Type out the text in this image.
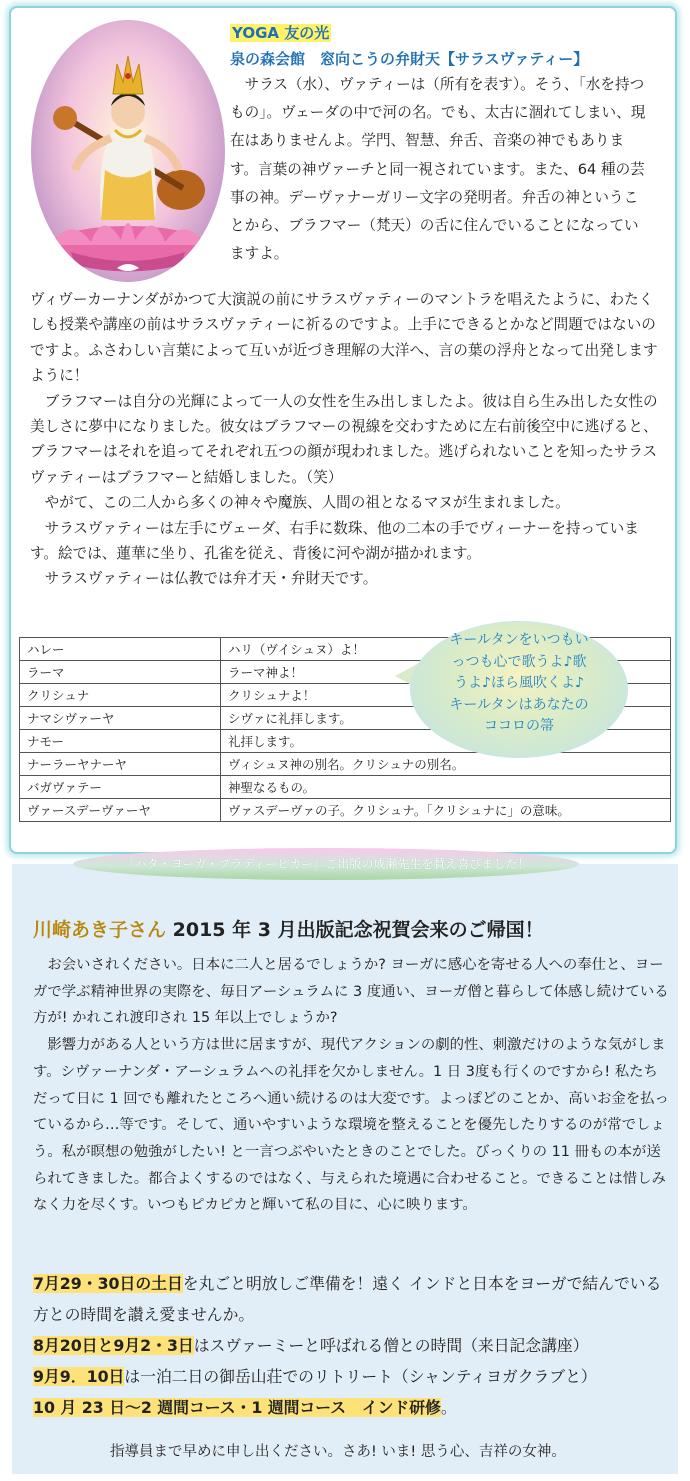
YOGA 友の光
泉の森会館　窓向こうの弁財天【サラスヴァティー】

サラス（水）、ヴァティーは（所有を表す）。そう、「水を持つもの」。ヴェーダの中で河の名。でも、太古に涸れてしまい、現在はありませんよ。学門、智慧、弁舌、音楽の神でもあります。言葉の神ヴァーチと同一視されています。また、64 種の芸事の神。デーヴァナーガリー文字の発明者。弁舌の神ということから、ブラフマー（梵天）の舌に住んでいることになっていますよ。

ヴィヴーカーナンダがかつて大演説の前にサラスヴァティーのマントラを唱えたように、わたくしも授業や講座の前はサラスヴァティーに祈るのですよ。上手にできるとかなど問題ではないのですよ。ふさわしい言葉によって互いが近づき理解の大洋へ、言の葉の浮舟となって出発しますように！

ブラフマーは自分の光輝によって一人の女性を生み出しましたよ。彼は自ら生み出した女性の美しさに夢中になりました。彼女はブラフマーの視線を交わすために左右前後空中に逃げると、ブラフマーはそれを追ってそれぞれ五つの顔が現われました。逃げられないことを知ったサラスヴァティーはブラフマーと結婚しました。（笑）

やがて、この二人から多くの神々や魔族、人間の祖となるマヌが生まれました。

サラスヴァティーは左手にヴェーダ、右手に数珠、他の二本の手でヴィーナーを持っています。絵では、蓮華に坐り、孔雀を従え、背後に河や湖が描かれます。

サラスヴァティーは仏教では弁才天・弁財天です。

ハレー	ハリ（ヴイシュヌ）よ！
ラーマ	ラーマ神よ！
クリシュナ	クリシュナよ！
ナマシヴァーヤ	シヴァに礼拝します。
ナモー	礼拝します。
ナーラーヤナーヤ	ヴィシュヌ神の別名。クリシュナの別名。
バガヴァテー	神聖なるもの。
ヴァースデーヴァーヤ	ヴァスデーヴァの子。クリシュナ。「クリシュナに」の意味。
キールタンをいつもい
っつも心で歌うよ♪歌
うよ♪ほら風吹くよ♪
キールタンはあなたの
ココロの箒
『ハタ・ヨーガ・プラディーピカー』ご出版の成瀬先生を賛え喜びました！
川崎あき子さん 2015 年 3 月出版記念祝賀会来のご帰国！

お会いされください。日本に二人と居るでしょうか? ヨーガに感心を寄せる人への奉仕と、ヨーガで学ぶ精神世界の実際を、毎日アーシュラムに 3 度通い、ヨーガ僧と暮らして体感し続けている方が! かれこれ渡印され 15 年以上でしょうか?

影響力がある人という方は世に居ますが、現代アクションの劇的性、刺激だけのような気がします。シヴァーナンダ・アーシュラムへの礼拝を欠かしません。1 日 3度も行くのですから! 私たちだって日に 1 回でも離れたところへ通い続けるのは大変です。よっぽどのことか、高いお金を払っているから…等です。そして、通いやすいような環境を整えることを優先したりするのが常でしょう。私が瞑想の勉強がしたい! と一言つぶやいたときのことでした。びっくりの 11 冊もの本が送られてきました。都合よくするのではなく、与えられた境遇に合わせること。できることは惜しみなく力を尽くす。いつもピカピカと輝いて私の目に、心に映ります。

7月29・30日の土日を丸ごと明放しご準備を！遠く インドと日本をヨーガで結んでいる方との時間を讃え愛ませんか。

8月20日と9月2・3日はスヴァーミーと呼ばれる僧との時間（来日記念講座）

9月9．10日は一泊二日の御岳山荘でのリトリート（シャンティヨガクラブと）

10 月 23 日〜2 週間コース・1 週間コース　インド研修。

指導員まで早めに申し出ください。さあ! いま! 思う心、吉祥の女神。
